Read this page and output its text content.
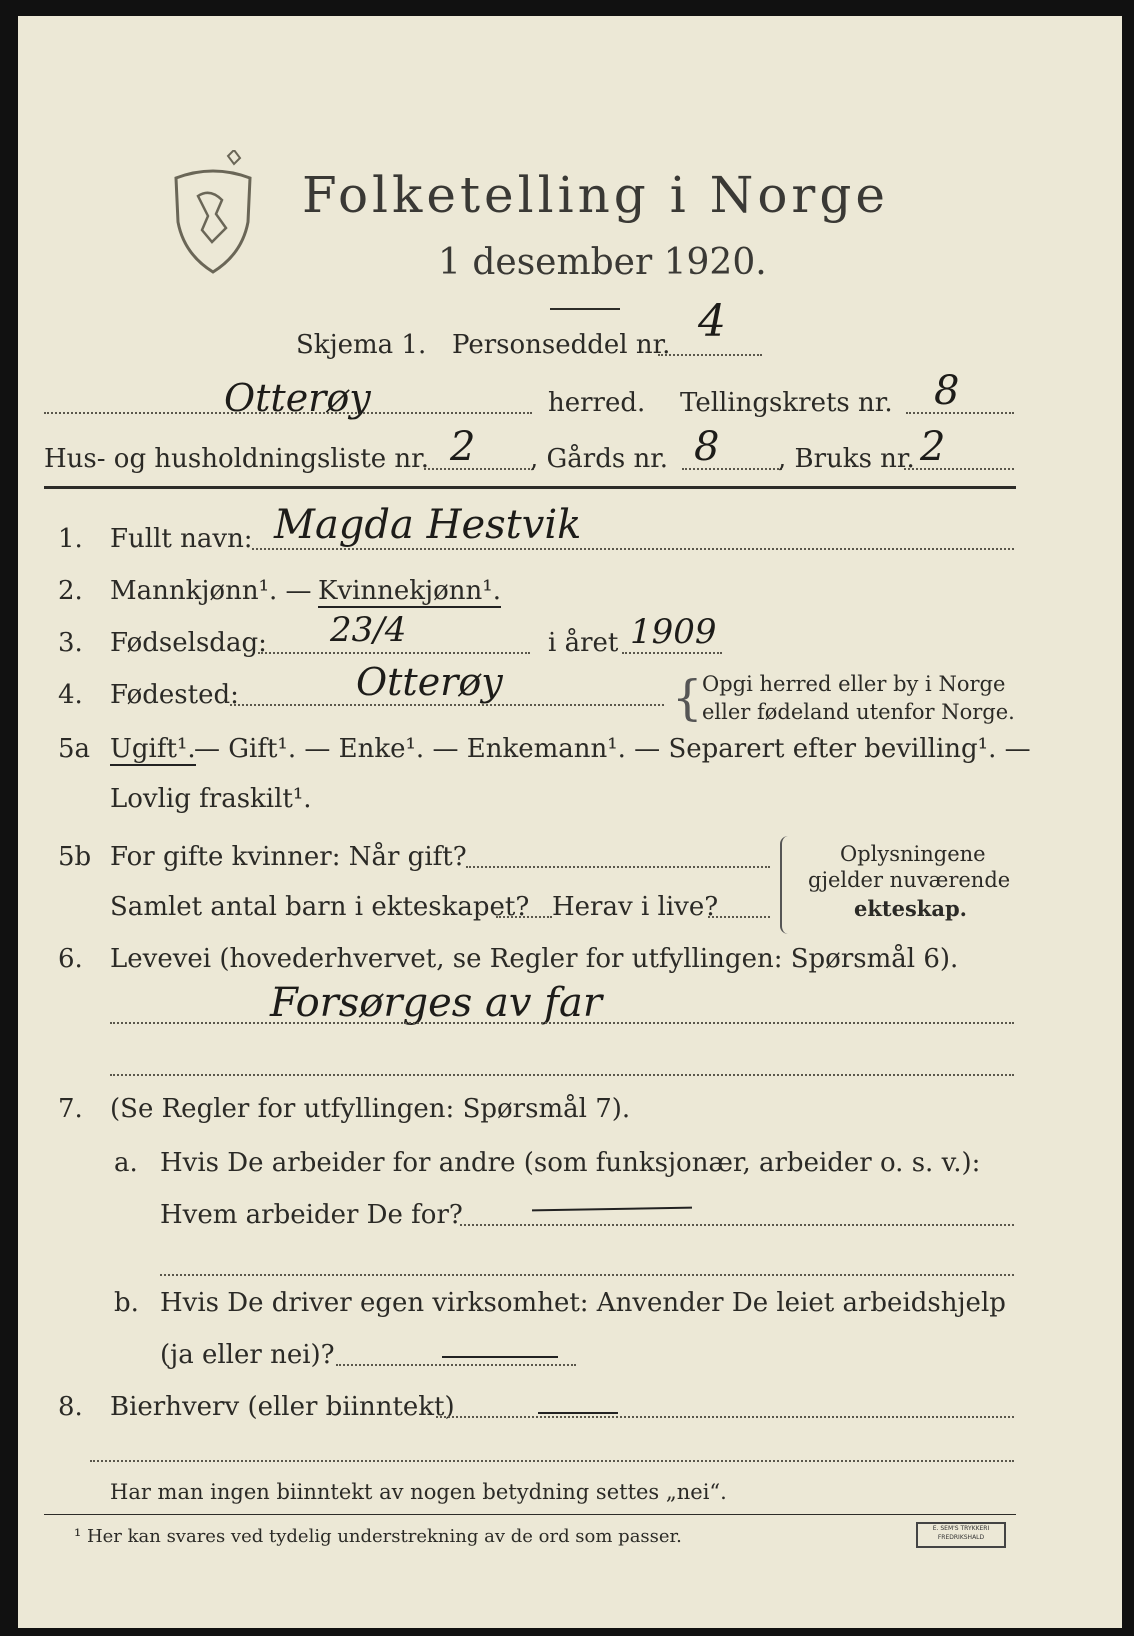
Folketelling i Norge
1 desember 1920.
Skjema 1. Personseddel nr. 4
Otterøy	herred. Tellingskrets nr. 8
Hus- og husholdningsliste nr. 2 , Gårds nr. 8 , Bruks nr. 2
1. Fullt navn: Magda Hestvik
2. Mannkjønn¹. — Kvinnekjønn¹.
3. Fødselsdag: 23/4	i året 1909
4. Fødested:	Otterøy	{ Opgi herred eller by i Norge
eller fødeland utenfor Norge.
5a Ugift¹.
— Gift¹. — Enke¹. — Enkemann¹. — Separert efter bevilling¹. —
Lovlig fraskilt¹.
5b For gifte kvinner: Når gift?
Samlet antal barn i ekteskapet? Herav i live?
Oplysningene
gjelder nuværende
ekteskap.
6. Levevei (hovederhvervet, se Regler for utfyllingen: Spørsmål 6).
Forsørges av far
7. (Se Regler for utfyllingen: Spørsmål 7).
a. Hvis De arbeider for andre (som funksjonær, arbeider o. s. v.):
Hvem arbeider De for?
b. Hvis De driver egen virksomhet: Anvender De leiet arbeidshjelp
(ja eller nei)?
8. Bierhverv (eller biinntekt)
Har man ingen biinntekt av nogen betydning settes „nei“.
¹ Her kan svares ved tydelig understrekning av de ord som passer.	E. SEM'S TRYKKERI
FREDRIKSHALD
